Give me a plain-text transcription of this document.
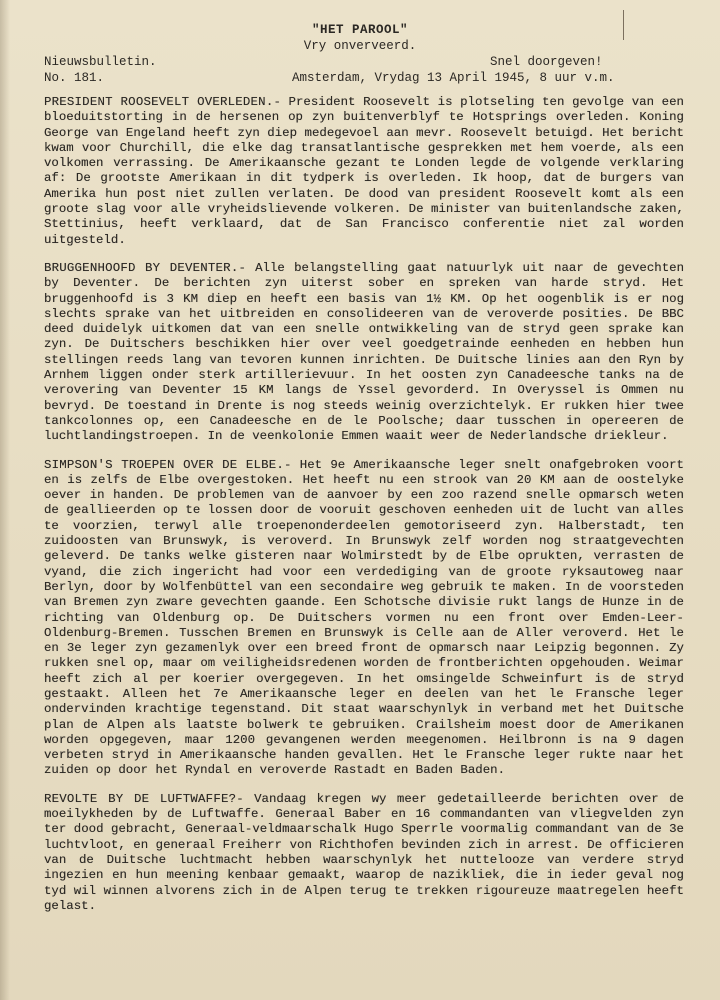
"HET PAROOL"
Vry onverveerd.
Nieuwsbulletin.	Snel doorgeven!
No. 181.	Amsterdam, Vrydag 13 April 1945, 8 uur v.m.

PRESIDENT ROOSEVELT OVERLEDEN.- President Roosevelt is plotseling ten gevolge van een bloeduitstorting in de hersenen op zyn buitenverblyf te Hotsprings overleden. Koning George van Engeland heeft zyn diep medegevoel aan mevr. Roosevelt betuigd. Het bericht kwam voor Churchill, die elke dag transatlantische gesprekken met hem voerde, als een volkomen verrassing. De Amerikaansche gezant te Londen legde de volgende verklaring af: De grootste Amerikaan in dit tydperk is overleden. Ik hoop, dat de burgers van Amerika hun post niet zullen verlaten. De dood van president Roosevelt komt als een groote slag voor alle vryheidslievende volkeren. De minister van buitenlandsche zaken, Stettinius, heeft verklaard, dat de San Francisco conferentie niet zal worden uitgesteld.

BRUGGENHOOFD BY DEVENTER.- Alle belangstelling gaat natuurlyk uit naar de gevechten by Deventer. De berichten zyn uiterst sober en spreken van harde stryd. Het bruggenhoofd is 3 KM diep en heeft een basis van 1½ KM. Op het oogenblik is er nog slechts sprake van het uitbreiden en consolideeren van de veroverde posities. De BBC deed duidelyk uitkomen dat van een snelle ontwikkeling van de stryd geen sprake kan zyn. De Duitschers beschikken hier over veel goedgetrainde eenheden en hebben hun stellingen reeds lang van tevoren kunnen inrichten. De Duitsche linies aan den Ryn by Arnhem liggen onder sterk artillerievuur. In het oosten zyn Canadeesche tanks na de verovering van Deventer 15 KM langs de Yssel gevorderd. In Overyssel is Ommen nu bevryd. De toestand in Drente is nog steeds weinig overzichtelyk. Er rukken hier twee tankcolonnes op, een Canadeesche en de le Poolsche; daar tusschen in opereeren de luchtlandingstroepen. In de veenkolonie Emmen waait weer de Nederlandsche driekleur.

SIMPSON'S TROEPEN OVER DE ELBE.- Het 9e Amerikaansche leger snelt onafgebroken voort en is zelfs de Elbe overgestoken. Het heeft nu een strook van 20 KM aan de oostelyke oever in handen. De problemen van de aanvoer by een zoo razend snelle opmarsch weten de geallieerden op te lossen door de vooruit geschoven eenheden uit de lucht van alles te voorzien, terwyl alle troepenonderdeelen gemotoriseerd zyn. Halberstadt, ten zuidoosten van Brunswyk, is veroverd. In Brunswyk zelf worden nog straatgevechten geleverd. De tanks welke gisteren naar Wolmirstedt by de Elbe oprukten, verrasten de vyand, die zich ingericht had voor een verdediging van de groote ryksautoweg naar Berlyn, door by Wolfenbüttel van een secondaire weg gebruik te maken. In de voorsteden van Bremen zyn zware gevechten gaande. Een Schotsche divisie rukt langs de Hunze in de richting van Oldenburg op. De Duitschers vormen nu een front over Emden-Leer-Oldenburg-Bremen. Tusschen Bremen en Brunswyk is Celle aan de Aller veroverd. Het le en 3e leger zyn gezamenlyk over een breed front de opmarsch naar Leipzig begonnen. Zy rukken snel op, maar om veiligheidsredenen worden de frontberichten opgehouden. Weimar heeft zich al per koerier overgegeven. In het omsingelde Schweinfurt is de stryd gestaakt. Alleen het 7e Amerikaansche leger en deelen van het le Fransche leger ondervinden krachtige tegenstand. Dit staat waarschynlyk in verband met het Duitsche plan de Alpen als laatste bolwerk te gebruiken. Crailsheim moest door de Amerikanen worden opgegeven, maar 1200 gevangenen werden meegenomen. Heilbronn is na 9 dagen verbeten stryd in Amerikaansche handen gevallen. Het le Fransche leger rukte naar het zuiden op door het Ryndal en veroverde Rastadt en Baden Baden.

REVOLTE BY DE LUFTWAFFE?- Vandaag kregen wy meer gedetailleerde berichten over de moeilykheden by de Luftwaffe. Generaal Baber en 16 commandanten van vliegvelden zyn ter dood gebracht, Generaal-veldmaarschalk Hugo Sperrle voormalig commandant van de 3e luchtvloot, en generaal Freiherr von Richthofen bevinden zich in arrest. De officieren van de Duitsche luchtmacht hebben waarschynlyk het nuttelooze van verdere stryd ingezien en hun meening kenbaar gemaakt, waarop de nazikliek, die in ieder geval nog tyd wil winnen alvorens zich in de Alpen terug te trekken rigoureuze maatregelen heeft gelast.
